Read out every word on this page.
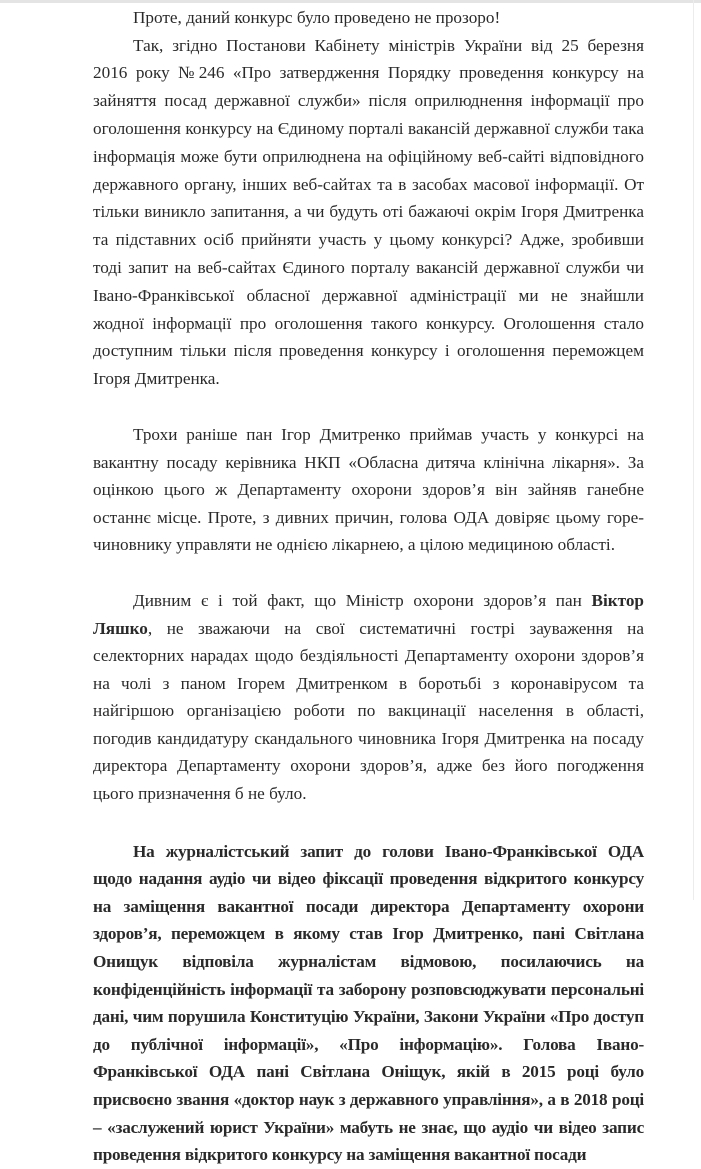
Проте, даний конкурс було проведено не прозоро!

Так, згідно Постанови Кабінету міністрів України від 25 березня 2016 року №246 «Про затвердження Порядку проведення конкурсу на зайняття посад державної служби» після оприлюднення інформації про оголошення конкурсу на Єдиному порталі вакансій державної служби така інформація може бути оприлюднена на офіційному веб-сайті відповідного державного органу, інших веб-сайтах та в засобах масової інформації. От тільки виникло запитання, а чи будуть оті бажаючі окрім Ігоря Дмитренка та підставних осіб прийняти участь у цьому конкурсі? Адже, зробивши тоді запит на веб-сайтах Єдиного порталу вакансій державної служби чи Івано-Франківської обласної державної адміністрації ми не знайшли жодної інформації про оголошення такого конкурсу. Оголошення стало доступним тільки після проведення конкурсу і оголошення переможцем Ігоря Дмитренка.

Трохи раніше пан Ігор Дмитренко приймав участь у конкурсі на вакантну посаду керівника НКП «Обласна дитяча клінічна лікарня». За оцінкою цього ж Департаменту охорони здоров’я він зайняв ганебне останнє місце. Проте, з дивних причин, голова ОДА довіряє цьому горе-чиновнику управляти не однією лікарнею, а цілою медициною області.

Дивним є і той факт, що Міністр охорони здоров’я пан Віктор Ляшко, не зважаючи на свої систематичні гострі зауваження на селекторних нарадах щодо бездіяльності Департаменту охорони здоров’я на чолі з паном Ігорем Дмитренком в боротьбі з коронавірусом та найгіршою організацією роботи по вакцинації населення в області, погодив кандидатуру скандального чиновника Ігоря Дмитренка на посаду директора Департаменту охорони здоров’я, адже без його погодження цього призначення б не було.

На журналістський запит до голови Івано-Франківської ОДА щодо надання аудіо чи відео фіксації проведення відкритого конкурсу на заміщення вакантної посади директора Департаменту охорони здоров’я, переможцем в якому став Ігор Дмитренко, пані Світлана Онищук відповіла журналістам відмовою, посилаючись на конфіденційність інформації та заборону розповсюджувати персональні дані, чим порушила Конституцію України, Закони України «Про доступ до публічної інформації», «Про інформацію». Голова Івано-Франківської ОДА пані Світлана Оніщук, якій в 2015 році було присвоєно звання «доктор наук з державного управління», а в 2018 році – «заслужений юрист України» мабуть не знає, що аудіо чи відео запис проведення відкритого конкурсу на заміщення вакантної посади
